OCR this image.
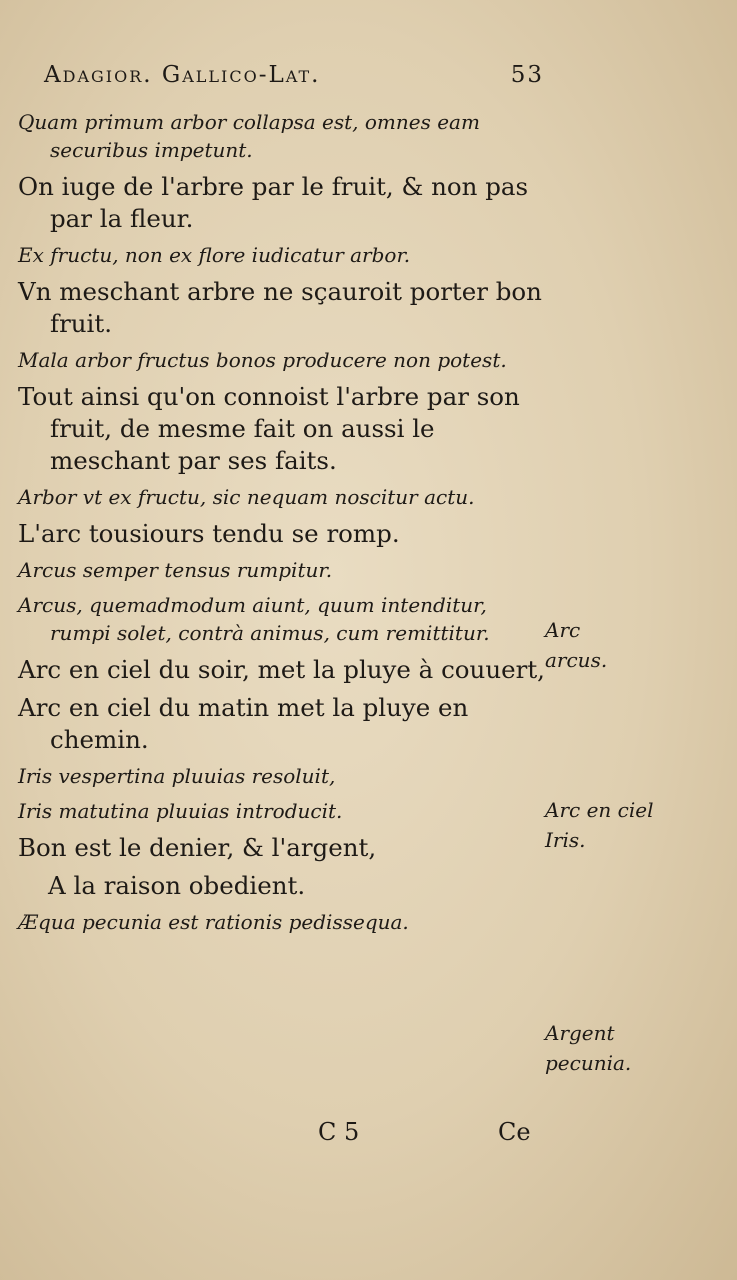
Adagior. Gallico-Lat.	53

Quam primum arbor collapsa est, omnes eam securibus impetunt.

On iuge de l'arbre par le fruit, & non pas par la fleur.

Ex fructu, non ex flore iudicatur arbor.

Vn meschant arbre ne sçauroit porter bon fruit.

Mala arbor fructus bonos producere non potest.

Tout ainsi qu'on connoist l'arbre par son fruit, de mesme fait on aussi le meschant par ses faits.

Arbor vt ex fructu, sic nequam noscitur actu.

L'arc tousiours tendu se romp.

Arcus semper tensus rumpitur.

Arcus, quemadmodum aiunt, quum intenditur, rumpi solet, contrà animus, cum remittitur.

Arc en ciel du soir, met la pluye à couuert,

Arc en ciel du matin met la pluye en chemin.

Iris vespertina pluuias resoluit,

Iris matutina pluuias introducit.

Bon est le denier, & l'argent,

A la raison obedient.

Æqua pecunia est rationis pedissequa.

Arc
arcus.
Arc en ciel
Iris.
Argent
pecunia.
C 5	Ce
